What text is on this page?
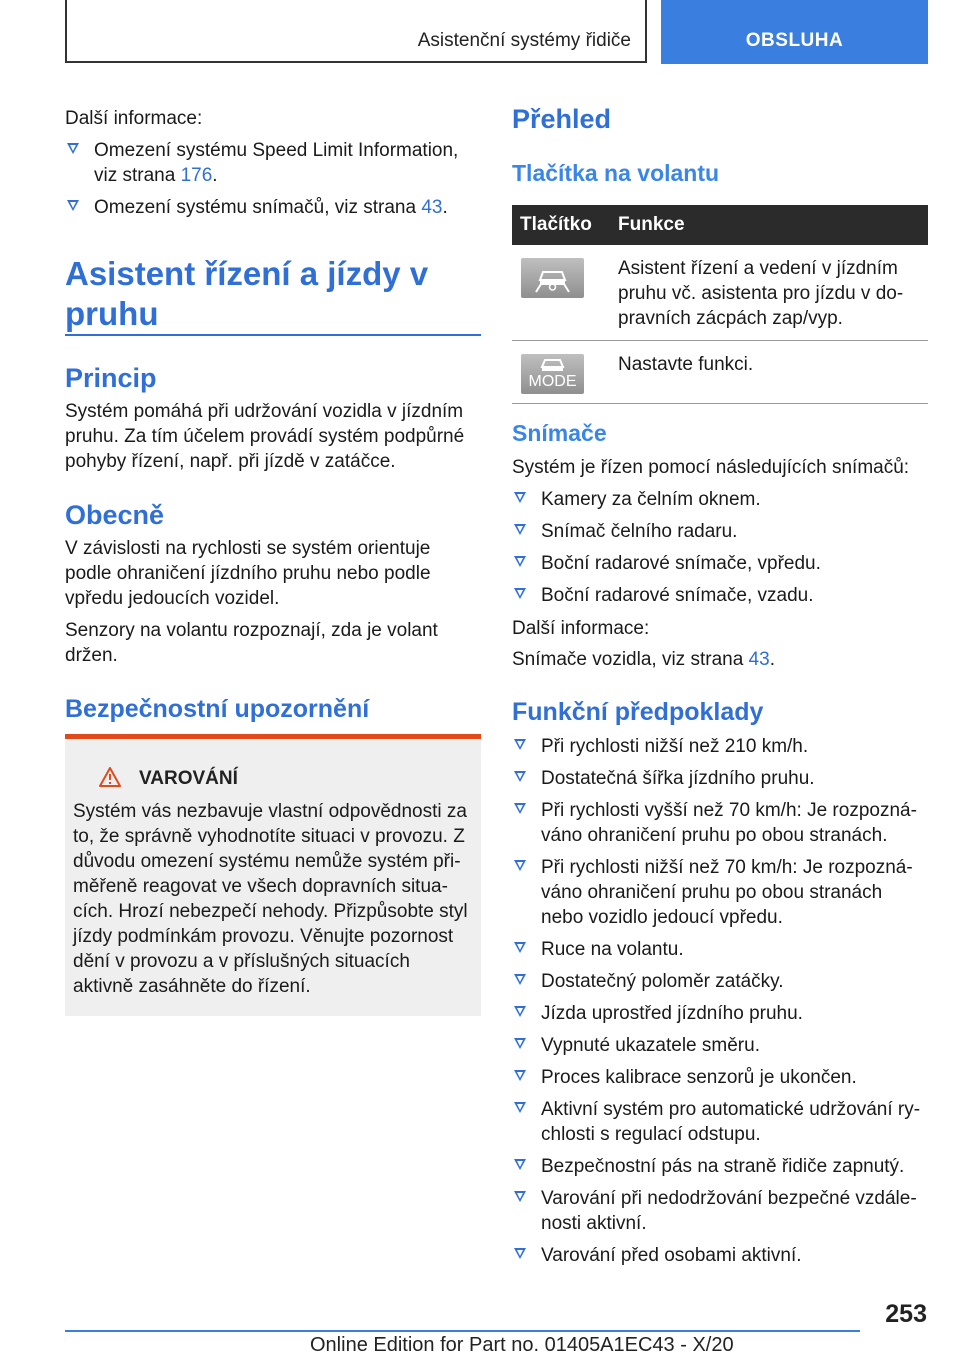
Asistenční systémy řidiče	OBSLUHA

Další informace:

Omezení systému Speed Limit Information, viz strana 176.
Omezení systému snímačů, viz strana 43.
Asistent řízení a jízdy v
pruhu
Princip

Systém pomáhá při udržování vozidla v jízdním pruhu. Za tím účelem provádí systém podpůrné pohyby řízení, např. při jízdě v zatáčce.

Obecně

V závislosti na rychlosti se systém orientuje podle ohraničení jízdního pruhu nebo podle vpředu jedoucích vozidel.

Senzory na volantu rozpoznají, zda je volant držen.

Bezpečnostní upozornění
VAROVÁNÍ

Systém vás nezbavuje vlastní odpovědnosti za to, že správně vyhodnotíte situaci v provozu. Z důvodu omezení systému nemůže systém při- měřeně reagovat ve všech dopravních situa- cích. Hrozí nebezpečí nehody. Přizpůsobte styl jízdy podmínkám provozu. Věnujte pozornost dění v provozu a v příslušných situacích aktivně zasáhněte do řízení.

Přehled
Tlačítka na volantu
Tlačítko	Funkce

	Asistent řízení a vedení v jízdním pruhu vč. asistenta pro jízdu v do- pravních zácpách zap/vyp.

MODE	Nastavte funkci.
Snímače

Systém je řízen pomocí následujících snímačů:

Kamery za čelním oknem.
Snímač čelního radaru.
Boční radarové snímače, vpředu.
Boční radarové snímače, vzadu.

Další informace:

Snímače vozidla, viz strana 43.

Funkční předpoklady
Při rychlosti nižší než 210 km/h.
Dostatečná šířka jízdního pruhu.
Při rychlosti vyšší než 70 km/h: Je rozpozná- váno ohraničení pruhu po obou stranách.
Při rychlosti nižší než 70 km/h: Je rozpozná- váno ohraničení pruhu po obou stranách nebo vozidlo jedoucí vpředu.
Ruce na volantu.
Dostatečný poloměr zatáčky.
Jízda uprostřed jízdního pruhu.
Vypnuté ukazatele směru.
Proces kalibrace senzorů je ukončen.
Aktivní systém pro automatické udržování ry- chlosti s regulací odstupu.
Bezpečnostní pás na straně řidiče zapnutý.
Varování při nedodržování bezpečné vzdále- nosti aktivní.
Varování před osobami aktivní.
253
Online Edition for Part no. 01405A1EC43 - X/20
